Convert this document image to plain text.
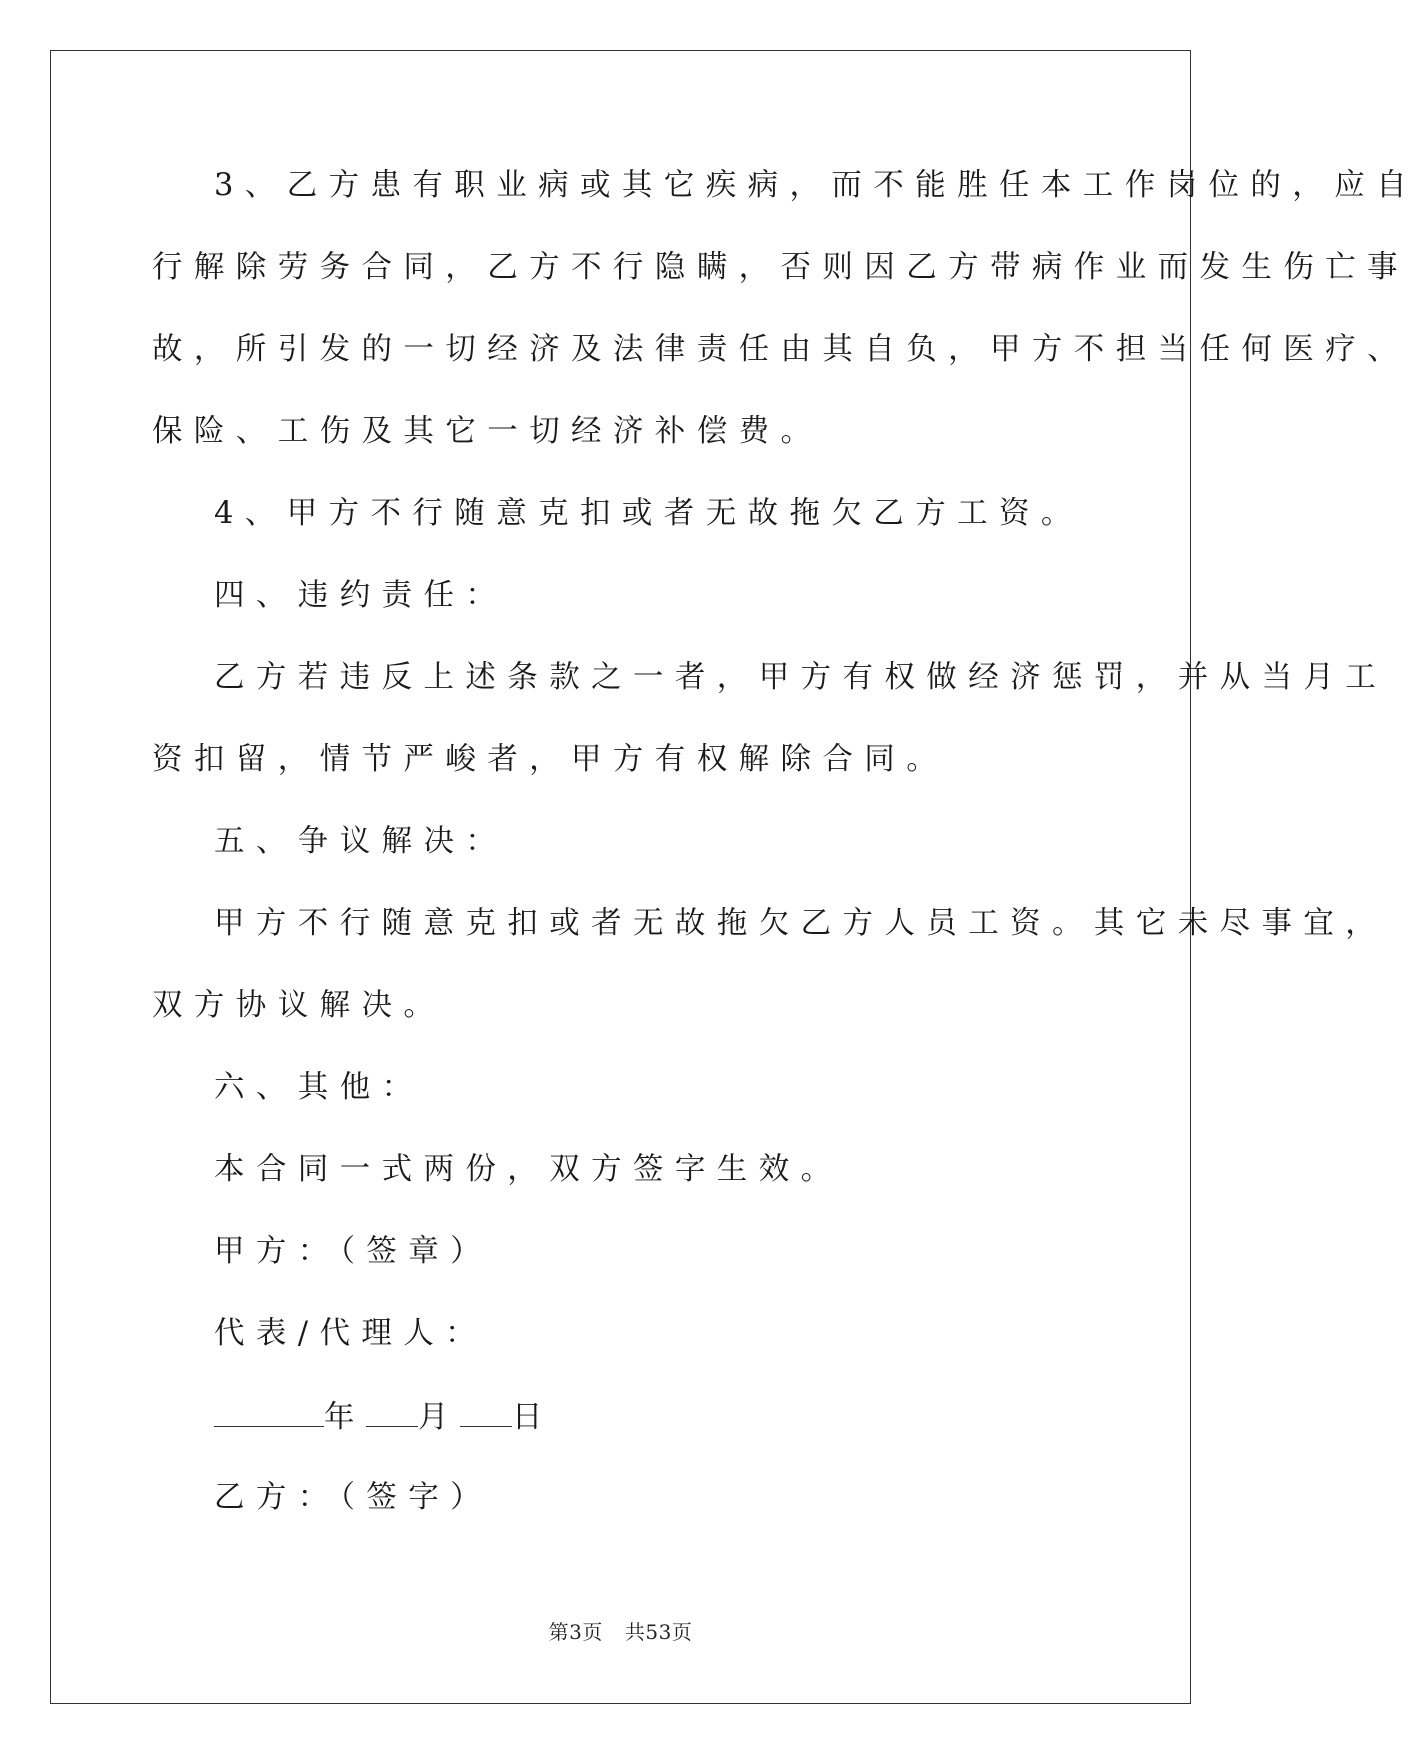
3、乙方患有职业病或其它疾病，而不能胜任本工作岗位的，应自
行解除劳务合同，乙方不行隐瞒，否则因乙方带病作业而发生伤亡事
故，所引发的一切经济及法律责任由其自负，甲方不担当任何医疗、
保险、工伤及其它一切经济补偿费。
4、甲方不行随意克扣或者无故拖欠乙方工资。
四、违约责任：
乙方若违反上述条款之一者，甲方有权做经济惩罚，并从当月工
资扣留，情节严峻者，甲方有权解除合同。
五、争议解决：
甲方不行随意克扣或者无故拖欠乙方人员工资。其它未尽事宜，
双方协议解决。
六、其他：
本合同一式两份，双方签字生效。
甲方：（签章）
代表/代理人：
年 月 日
乙方：（签字）
第3页 共53页
